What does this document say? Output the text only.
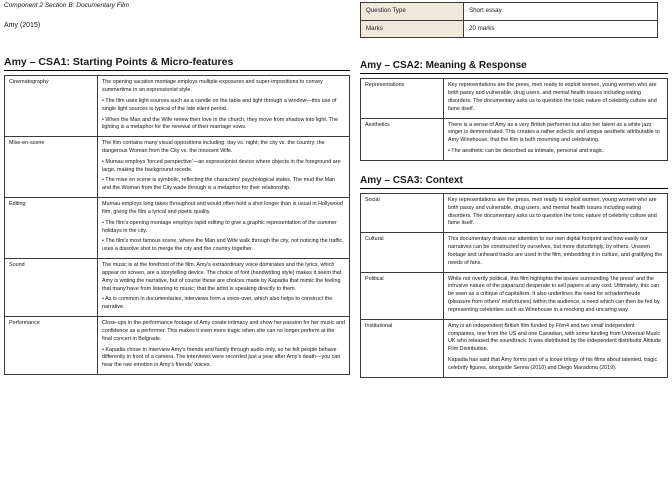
Component 2 Section B: Documentary Film
Amy (2015)
Amy – CSA1: Starting Points & Micro-features
Cinematography	The opening vacation montage employs multiple exposures and super-impositions to convey summertime in an expressionist style.

• The film uses light sources such as a candle on the table and light through a window—this use of single light sources is typical of the late silent period.

• When the Man and the Wife renew their love in the church, they move from shadow into light. The lighting is a metaphor for the renewal of their marriage vows.

Mise-en-scene	The film contains many visual oppositions including: day vs. night; the city vs. the country; the dangerous Woman from the City vs. the innocent Wife.

• Murnau employs 'forced perspective'—an expressionist device where objects in the foreground are large, making the background recede.

• The mise en scene is symbolic, reflecting the characters' psychological states. The mud the Man and the Woman from the City wade through is a metaphor for their relationship.

Editing	Murnau employs long takes throughout and would often hold a shot longer than is usual in Hollywood film, giving the film a lyrical and poetic quality.

• The film's opening montage employs rapid editing to give a graphic representation of the summer holidays in the city.

• The film's most famous scene, where the Man and Wife walk through the city, not noticing the traffic, uses a dissolve shot to merge the city and the country together.

Sound	The music is at the forefront of the film. Amy's extraordinary voice dominates and the lyrics, which appear on screen, are a storytelling device. The choice of font (handwriting style) makes it seem that Amy is writing the narrative, but of course these are choices made by Kapadia that mimic the feeling that many have from listening to music; that the artist is speaking directly to them.

• As is common in documentaries, interviews form a voice-over, which also helps to construct the narrative.

Performance	Close-ups in the performance footage of Amy create intimacy and show her passion for her music and confidence as a performer. This makes it even more tragic when she can no longer perform at the final concert in Belgrade.

• Kapadia chose to interview Amy's friends and family through audio only, so he felt people behave differently in front of a camera. The interviews were recorded just a year after Amy's death—you can hear the raw emotion in Amy's friends' voices.

Question Type	Short essay
Marks	20 marks
Amy – CSA2: Meaning & Response
Representations	Key representations are the press, men ready to exploit women, young women who are both passy and vulnerable, drug users, and mental health issues including eating disorders. The documentary asks us to question the toxic nature of celebrity culture and fame itself.

Aesthetics	There is a sense of Amy as a very British performer but also her talent as a white jazz singer is demonstrated. This creates a rather eclectic and unique aesthetic attributable to Amy Winehouse, that the film is both mourning and celebrating.

• The aesthetic can be described as intimate, personal and tragic.

Amy – CSA3: Context
Social	Key representations are the press, men ready to exploit women, young women who are both passy and vulnerable, drug users, and mental health issues including eating disorders. The documentary asks us to question the toxic nature of celebrity culture and fame itself.

Cultural	This documentary draws our attention to our own digital footprint and how easily our narratives can be constructed by ourselves, but more disturbingly, by others. Unseen footage and unheard tracks are used in the film, embedding it in culture, and gratifying the needs of fans.

Political	While not overtly political, this film highlights the issues surrounding 'the press' and the intrusive nature of the paparazzi desperate to sell papers at any cost. Ultimately, this can be seen as a critique of capitalism. It also underlines the need for schadenfreude (pleasure from others' misfortunes) within the audience, a need which can then be fed by representing celebrities such as Winehouse in a mocking and uncaring way.

Institutional	Amy is an independent British film funded by Film4 and two small independent companies, one from the US and one Canadian, with some funding from Universal Music UK who released the soundtrack. It was distributed by the independent distributor Altitude Film Distribution.

Kapadia has said that Amy forms part of a loose trilogy of his films about talented, tragic celebrity figures, alongside Senna (2010) and Diego Maradona (2019).
